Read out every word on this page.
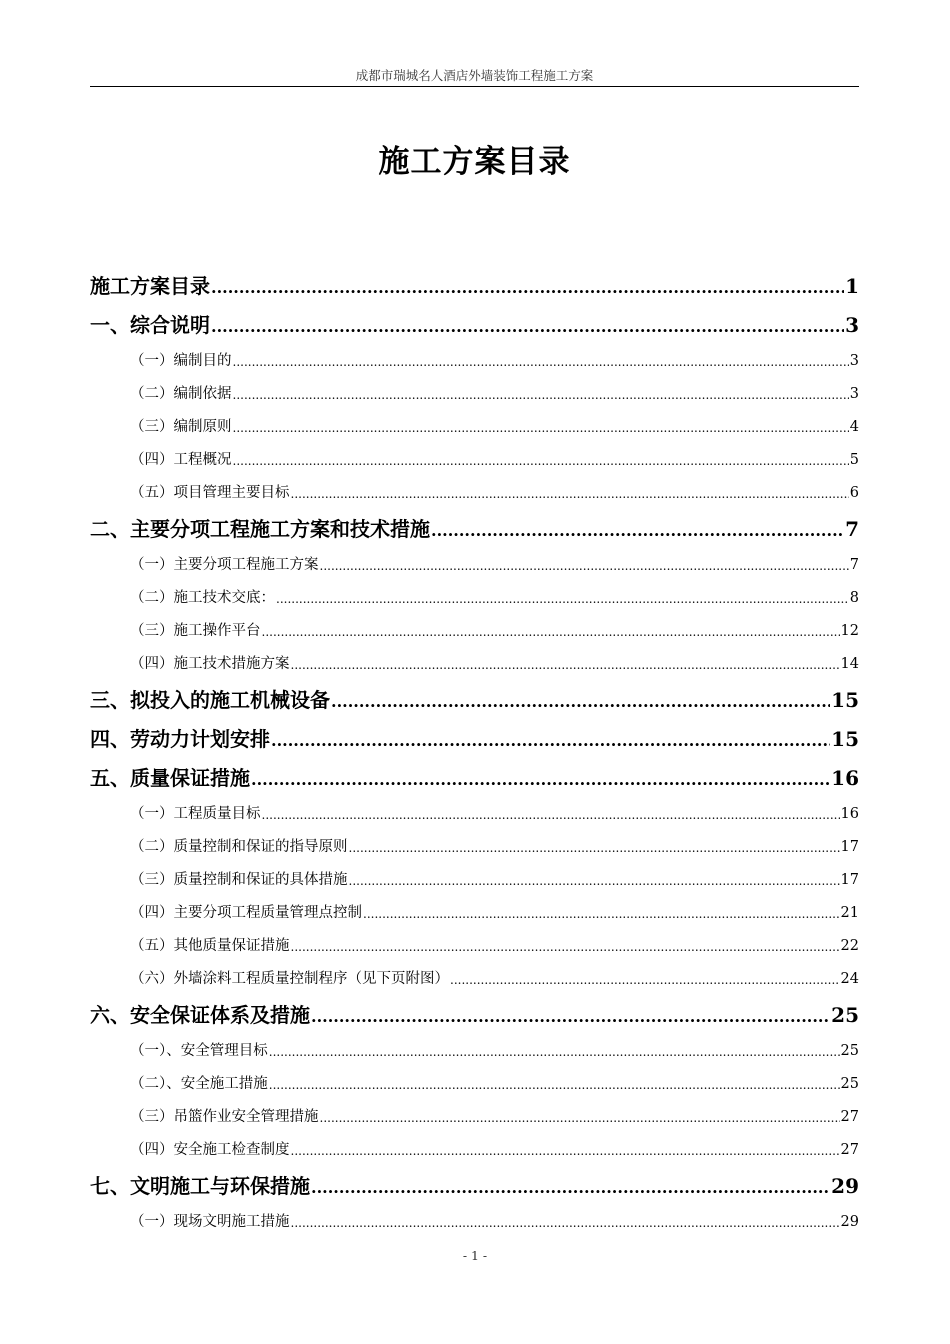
成都市瑞城名人酒店外墙装饰工程施工方案
施工方案目录
施工方案目录 .....	1
一、综合说明 .....	3
（一）编制目的 .....	3
（二）编制依据 .....	3
（三）编制原则 .....	4
（四）工程概况 .....	5
（五）项目管理主要目标 .....	6
二、主要分项工程施工方案和技术措施 .....	7
（一）主要分项工程施工方案 .....	7
（二）施工技术交底： .....	8
（三）施工操作平台 .....	12
（四）施工技术措施方案 .....	14
三、拟投入的施工机械设备 .....	15
四、劳动力计划安排 .....	15
五、质量保证措施 .....	16
（一）工程质量目标 .....	16
（二）质量控制和保证的指导原则 .....	17
（三）质量控制和保证的具体措施 .....	17
（四）主要分项工程质量管理点控制 .....	21
（五）其他质量保证措施 .....	22
（六）外墙涂料工程质量控制程序（见下页附图） .....	24
六、安全保证体系及措施 .....	25
（一）、安全管理目标 .....	25
（二）、安全施工措施 .....	25
（三）吊篮作业安全管理措施 .....	27
（四）安全施工检查制度 .....	27
七、文明施工与环保措施 .....	29
（一）现场文明施工措施 .....	29
- 1 -
